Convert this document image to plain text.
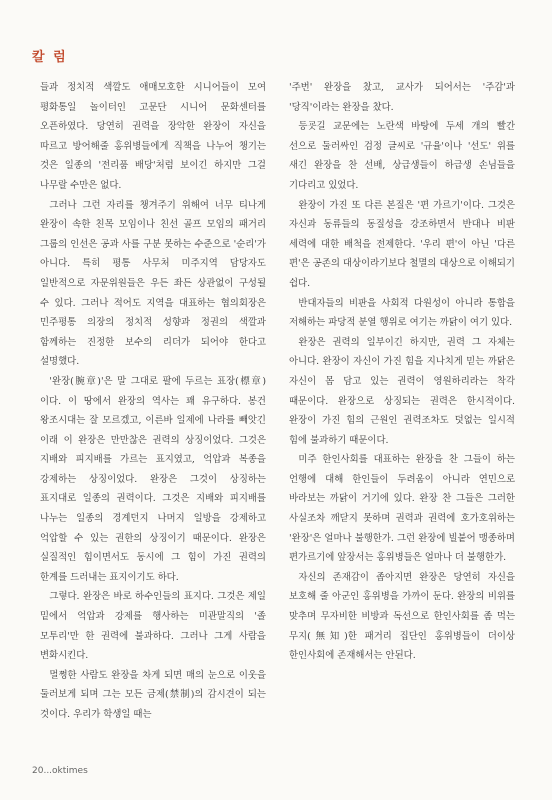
칼 럼

들과 정치적 색깔도 애매모호한 시니어들이 모여 평화통일 놀이터인 고문단 시니어 문화센터를 오픈하였다. 당연히 권력을 장악한 완장이 자신을 따르고 방어해줄 홍위병들에게 직책을 나누어 챙기는 것은 일종의 '전리품 배당'처럼 보이긴 하지만 그걸 나무랄 수만은 없다.

그러나 그런 자리를 챙겨주기 위해여 너무 티나게 완장이 속한 친목 모임이나 친선 골프 모임의 패거리 그룹의 인선은 공과 사를 구분 못하는 수준으로 '순리'가 아니다. 특히 평통 사무처 미주지역 담당자도 일반적으로 자문위원들은 우든 좌든 상관없이 구성될 수 있다. 그러나 적어도 지역을 대표하는 협의회장은 민주평통 의장의 정치적 성향과 정권의 색깔과 함께하는 진정한 보수의 리더가 되어야 한다고 설명했다.

'완장(腕章)'은 말 그대로 팔에 두르는 표장(標章)이다. 이 땅에서 완장의 역사는 꽤 유구하다. 봉건 왕조시대는 잘 모르겠고, 이른바 일제에 나라를 빼앗긴 이래 이 완장은 만만찮은 권력의 상징이었다. 그것은 지배와 피지배를 가르는 표지였고, 억압과 복종을 강제하는 상징이었다. 완장은 그것이 상징하는 표지대로 일종의 권력이다. 그것은 지배와 피지배를 나누는 일종의 경계던지 나머지 일방을 강제하고 억압할 수 있는 권한의 상징이기 때문이다. 완장은 실질적인 힘이면서도 동시에 그 힘이 가진 권력의 한계를 드러내는 표지이기도 하다.

그렇다. 완장은 바로 하수인들의 표지다. 그것은 제일 밑에서 억압과 강제를 행사하는 미관말직의 '졸 모투리'만 한 권력에 불과하다. 그러나 그게 사람을 변화시킨다.

멀쩡한 사람도 완장을 차게 되면 매의 눈으로 이웃을 둘러보게 되며 그는 모든 금제(禁制)의 감시견이 되는 것이다. 우리가 학생일 때는

'주번' 완장을 찼고, 교사가 되어서는 '주감'과 '당직'이라는 완장을 찼다.

등굣길 교문에는 노란색 바탕에 두세 개의 빨간 선으로 둘러싸인 검정 글씨로 '규율'이나 '선도' 위를 새긴 완장을 찬 선배, 상급생들이 하급생 손님들을 기다리고 있었다.

완장이 가진 또 다른 본질은 '편 가르기'이다. 그것은 자신과 동류들의 동질성을 강조하면서 반대나 비판 세력에 대한 배척을 전제한다. '우리 편'이 아닌 '다른 편'은 공존의 대상이라기보다 철멸의 대상으로 이해되기 쉽다.

반대자들의 비판을 사회적 다원성이 아니라 통합을 저해하는 파당적 분열 행위로 여기는 까닭이 여기 있다.

완장은 권력의 일부이긴 하지만, 권력 그 자체는 아니다. 완장이 자신이 가진 힘을 지나치게 믿는 까닭은 자신이 몸 담고 있는 권력이 영원하리라는 착각 때문이다. 완장으로 상징되는 권력은 한시적이다. 완장이 가진 힘의 근원인 권력조차도 덧없는 일시적 힘에 불과하기 때문이다.

미주 한인사회를 대표하는 완장을 찬 그들이 하는 언행에 대해 한인들이 두려움이 아니라 연민으로 바라보는 까닭이 거기에 있다. 완장 찬 그들은 그러한 사실조차 깨닫지 못하며 권력과 권력에 호가호위하는 '완장'은 얼마나 불행한가. 그런 완장에 빌붙어 맹종하며 편가르기에 앞장서는 홍위병들은 얼마나 더 불행한가.

자신의 존재감이 좁아지면 완장은 당연히 자신을 보호해 줄 아군인 홍위병을 가까이 둔다. 완장의 비위를 맞추며 무자비한 비방과 독선으로 한인사회를 좀 먹는 무지(無知)한 패거리 집단인 홍위병들이 더이상 한인사회에 존재해서는 안된다.

20...oktimes
